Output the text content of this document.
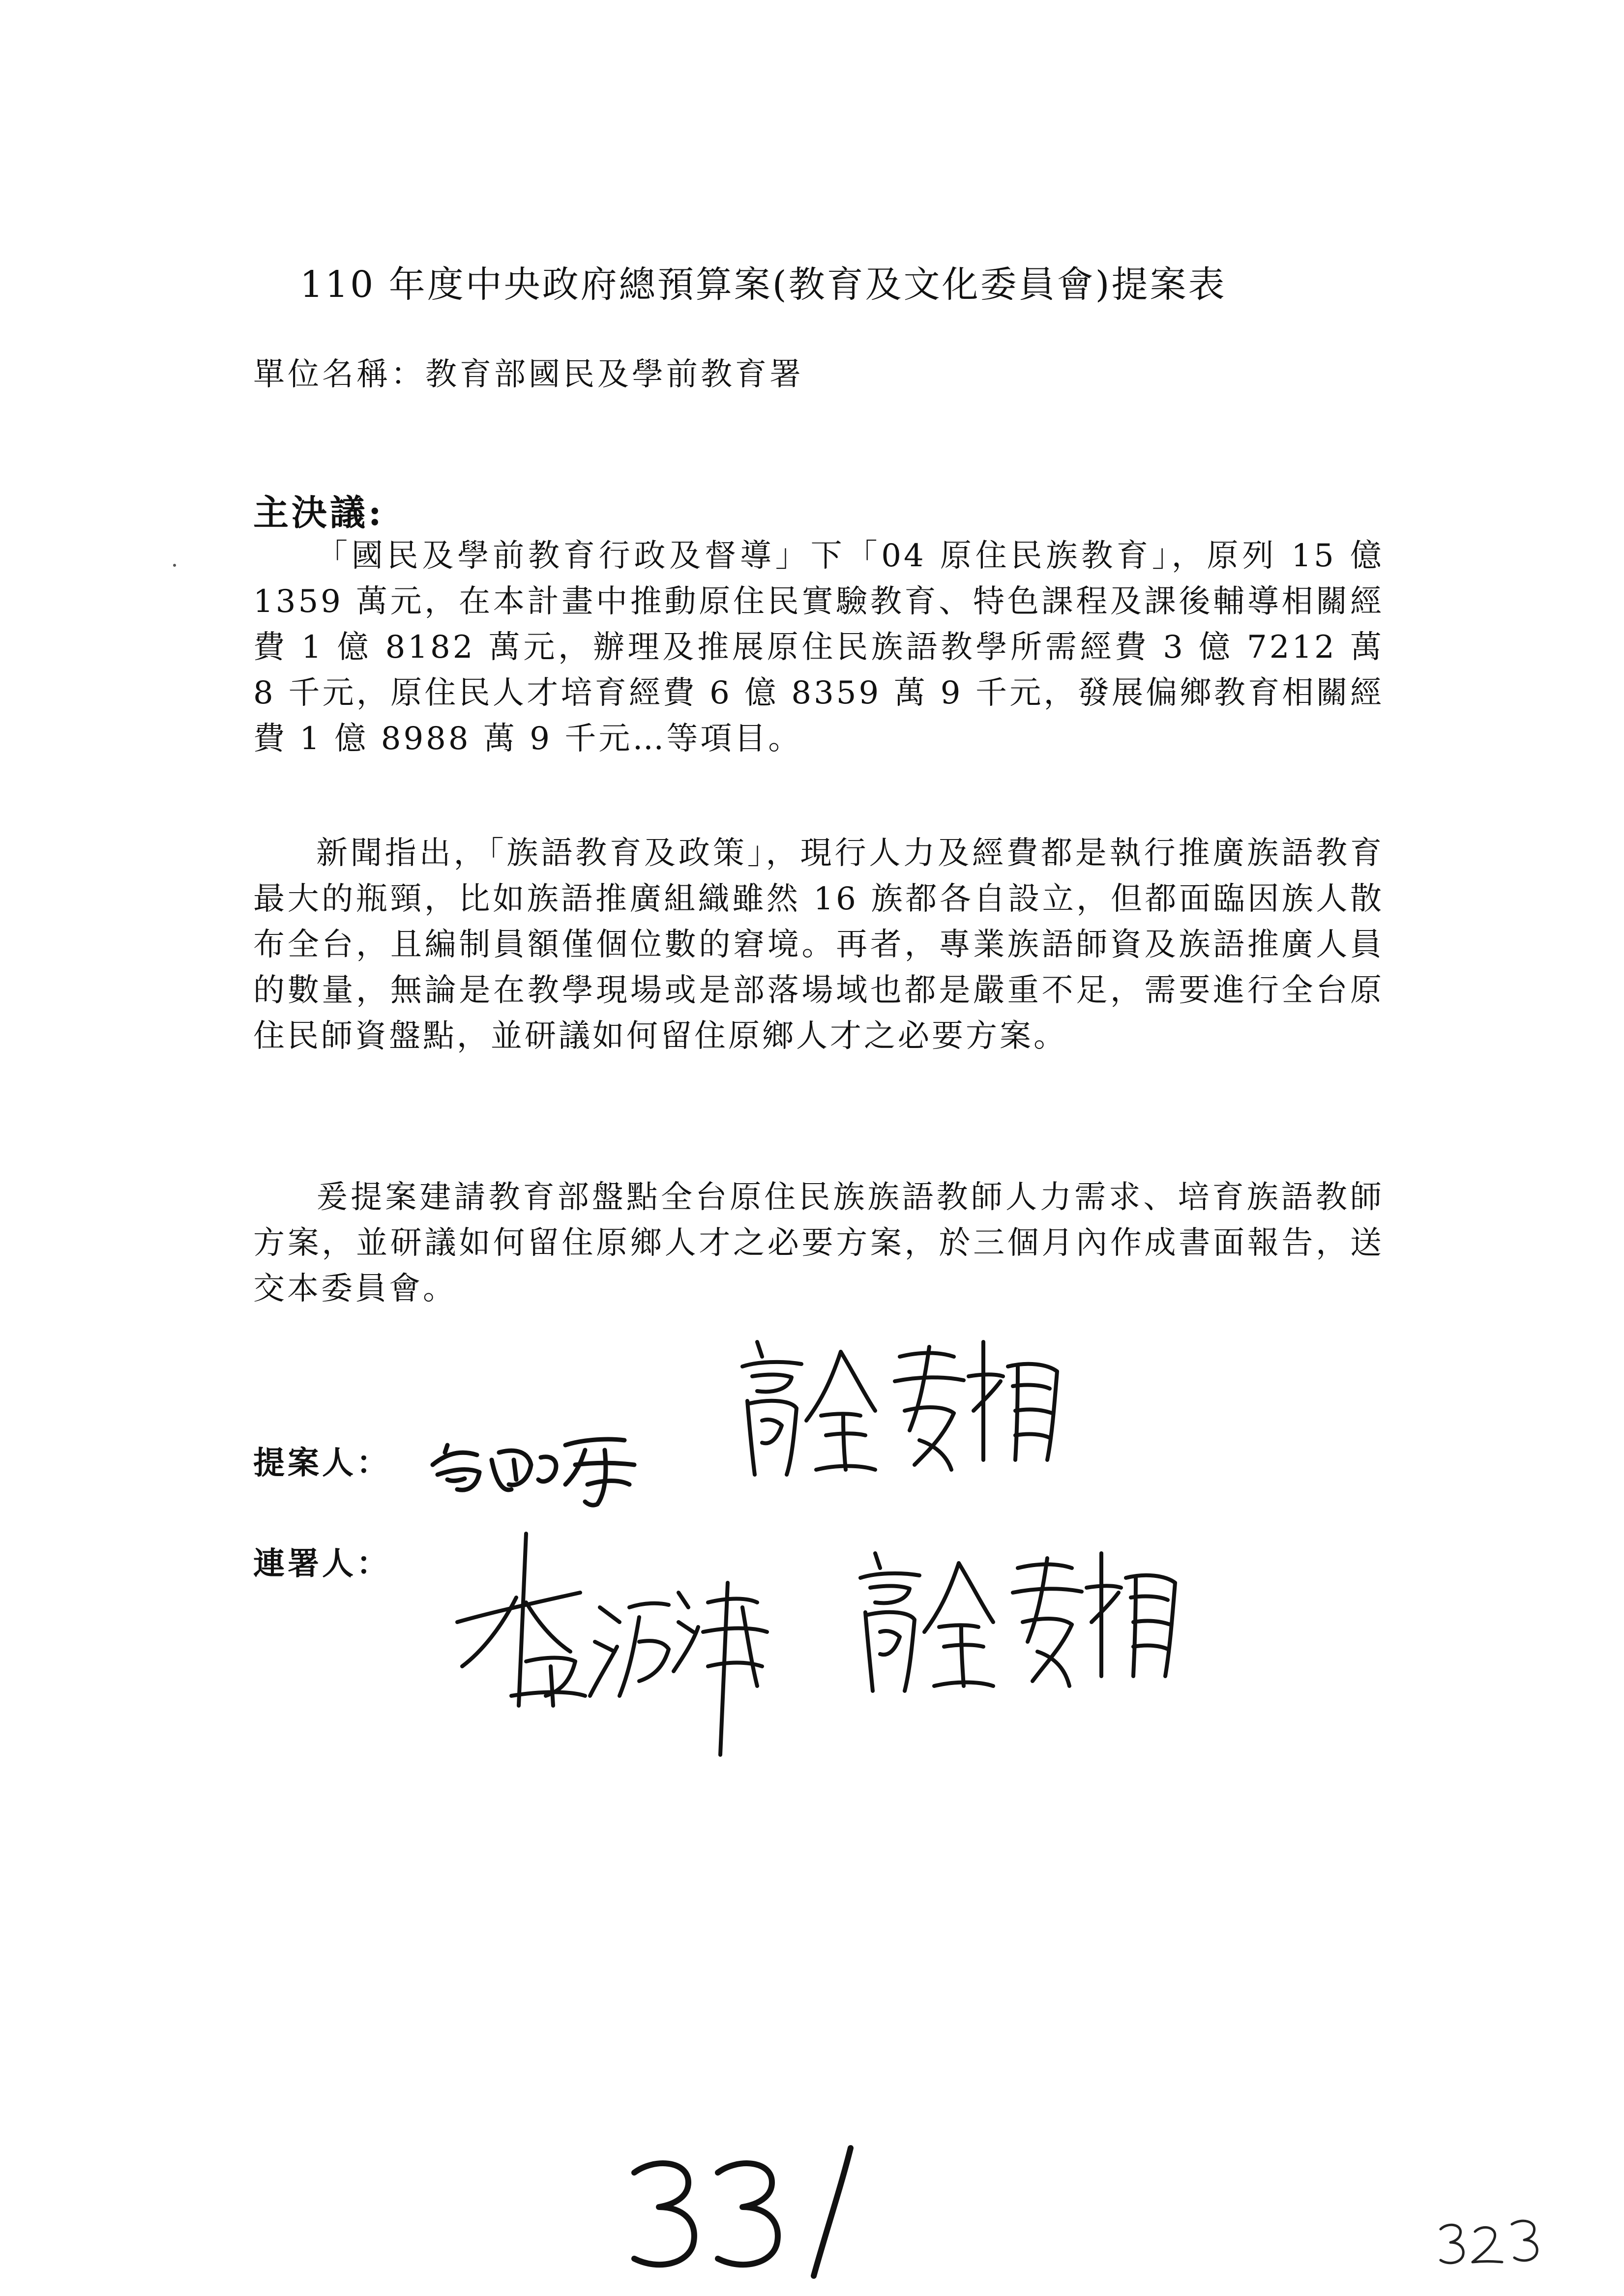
110 年度中央政府總預算案(教育及文化委員會)提案表
單位名稱：教育部國民及學前教育署
主決議:

「國民及學前教育行政及督導」下「04 原住民族教育」，原列 15 億 1359 萬元，在本計畫中推動原住民實驗教育、特色課程及課後輔導相關經費 1 億 8182 萬元，辦理及推展原住民族語教學所需經費 3 億 7212 萬 8 千元，原住民人才培育經費 6 億 8359 萬 9 千元，發展偏鄉教育相關經費 1 億 8988 萬 9 千元…等項目。

新聞指出，「族語教育及政策」，現行人力及經費都是執行推廣族語教育最大的瓶頸，比如族語推廣組織雖然 16 族都各自設立，但都面臨因族人散布全台，且編制員額僅個位數的窘境。再者，專業族語師資及族語推廣人員的數量，無論是在教學現場或是部落場域也都是嚴重不足，需要進行全台原住民師資盤點，並研議如何留住原鄉人才之必要方案。

爰提案建請教育部盤點全台原住民族族語教師人力需求、培育族語教師方案，並研議如何留住原鄉人才之必要方案，於三個月內作成書面報告，送交本委員會。

提案人：
連署人：
